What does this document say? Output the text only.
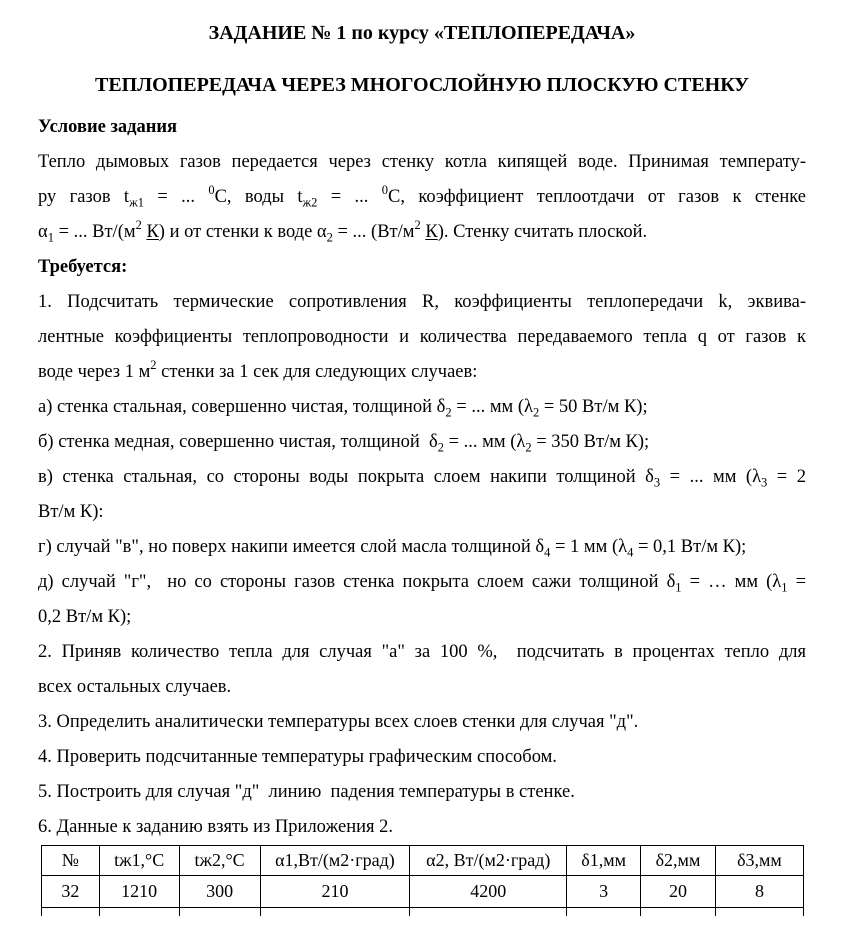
ЗАДАНИЕ № 1 по курсу «ТЕПЛОПЕРЕДАЧА»
ТЕПЛОПЕРЕДАЧА ЧЕРЕЗ МНОГОСЛОЙНУЮ ПЛОСКУЮ СТЕНКУ
Условие задания
Тепло дымовых газов передается через стенку котла кипящей воде. Принимая температу-
ру газов $t_{ж1}$ = ... $^0$С, воды $t_{ж2}$ = ... $^0$С, коэффициент теплоотдачи от газов к стенке
$\alpha_1$ = ... $Вт/(м^2$ К) и от стенки к воде $\alpha_2$ = ... ($Вт/м^2$ К). Стенку считать плоской.
Требуется:
1. Подсчитать термические сопротивления R, коэффициенты теплопередачи k, эквива-
лентные коэффициенты теплопроводности и количества передаваемого тепла q от газов к
воде через 1 $м^2$ стенки за 1 сек для следующих случаев:
а) стенка стальная, совершенно чистая, толщиной $\delta_2$ = ... мм ($\lambda_2 = 50$ Вт/м К);
б) стенка медная, совершенно чистая, толщиной  $\delta_2$ = ... мм ($\lambda_2 = 350$ Вт/м К);
в) стенка стальная, со стороны воды покрыта слоем накипи толщиной $\delta_3$ = ... мм ($\lambda_3 = 2$
Вт/м К):
г) случай "в", но поверх накипи имеется слой масла толщиной $\delta_4 = 1$ мм ($\lambda_4 = 0,1$ Вт/м К);
д) случай "г",  но со стороны газов стенка покрыта слоем сажи толщиной $\delta_1$ = … мм ($\lambda_1$ =
0,2 Вт/м К);
2. Приняв количество тепла для случая "а" за 100 %,  подсчитать в процентах тепло для
всех остальных случаев.
3. Определить аналитически температуры всех слоев стенки для случая "д".
4. Проверить подсчитанные температуры графическим способом.
5. Построить для случая "д"  линию  падения температуры в стенке.
6. Данные к заданию взять из Приложения 2.
№	tж1,°C	tж2,°C	α1,Вт/(м2·град)	α2, Вт/(м2·град)	δ1,мм	δ2,мм	δ3,мм
32	1210	300	210	4200	3	20	8
